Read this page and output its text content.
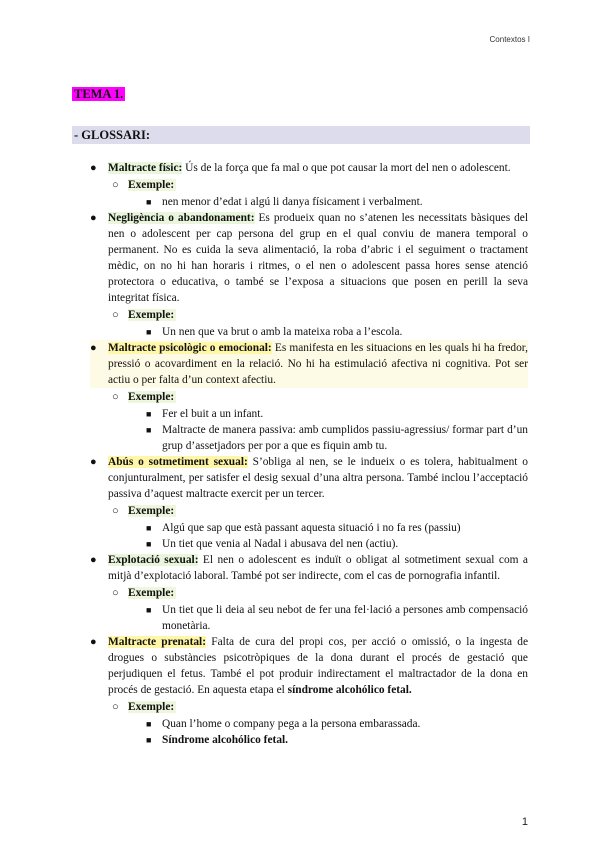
Contextos I
TEMA 1.
- GLOSSARI:
● Maltracte físic: Ús de la força que fa mal o que pot causar la mort del nen o adolescent.
○ Exemple:
■ nen menor d’edat i algú li danya físicament i verbalment.
● Negligència o abandonament: Es produeix quan no s’atenen les necessitats bàsiques del nen o adolescent per cap persona del grup en el qual conviu de manera temporal o permanent. No es cuida la seva alimentació, la roba d’abric i el seguiment o tractament mèdic, on no hi han horaris i ritmes, o el nen o adolescent passa hores sense atenció protectora o educativa, o també se l’exposa a situacions que posen en perill la seva integritat física.
○ Exemple:
■ Un nen que va brut o amb la mateixa roba a l’escola.
● Maltracte psicològic o emocional: Es manifesta en les situacions en les quals hi ha fredor, pressió o acovardiment en la relació. No hi ha estimulació afectiva ni cognitiva. Pot ser actiu o per falta d’un context afectiu.
○ Exemple:
■ Fer el buit a un infant.
■ Maltracte de manera passiva: amb cumplidos passiu-agressius/ formar part d’un grup d’assetjadors per por a que es fiquin amb tu.
● Abús o sotmetiment sexual: S’obliga al nen, se le indueix o es tolera, habitualment o conjunturalment, per satisfer el desig sexual d’una altra persona. També inclou l’acceptació passiva d’aquest maltracte exercit per un tercer.
○ Exemple:
■ Algú que sap que està passant aquesta situació i no fa res (passiu)
■ Un tiet que venia al Nadal i abusava del nen (actiu).
● Explotació sexual: El nen o adolescent es induït o obligat al sotmetiment sexual com a mitjà d’explotació laboral. També pot ser indirecte, com el cas de pornografia infantil.
○ Exemple:
■ Un tiet que li deia al seu nebot de fer una fel·lació a persones amb compensació monetària.
● Maltracte prenatal: Falta de cura del propi cos, per acció o omissió, o la ingesta de drogues o substàncies psicotròpiques de la dona durant el procés de gestació que perjudiquen el fetus. També el pot produir indirectament el maltractador de la dona en procés de gestació. En aquesta etapa el síndrome alcohólico fetal.
○ Exemple:
■ Quan l’home o company pega a la persona embarassada.
■ Síndrome alcohólico fetal.
1
